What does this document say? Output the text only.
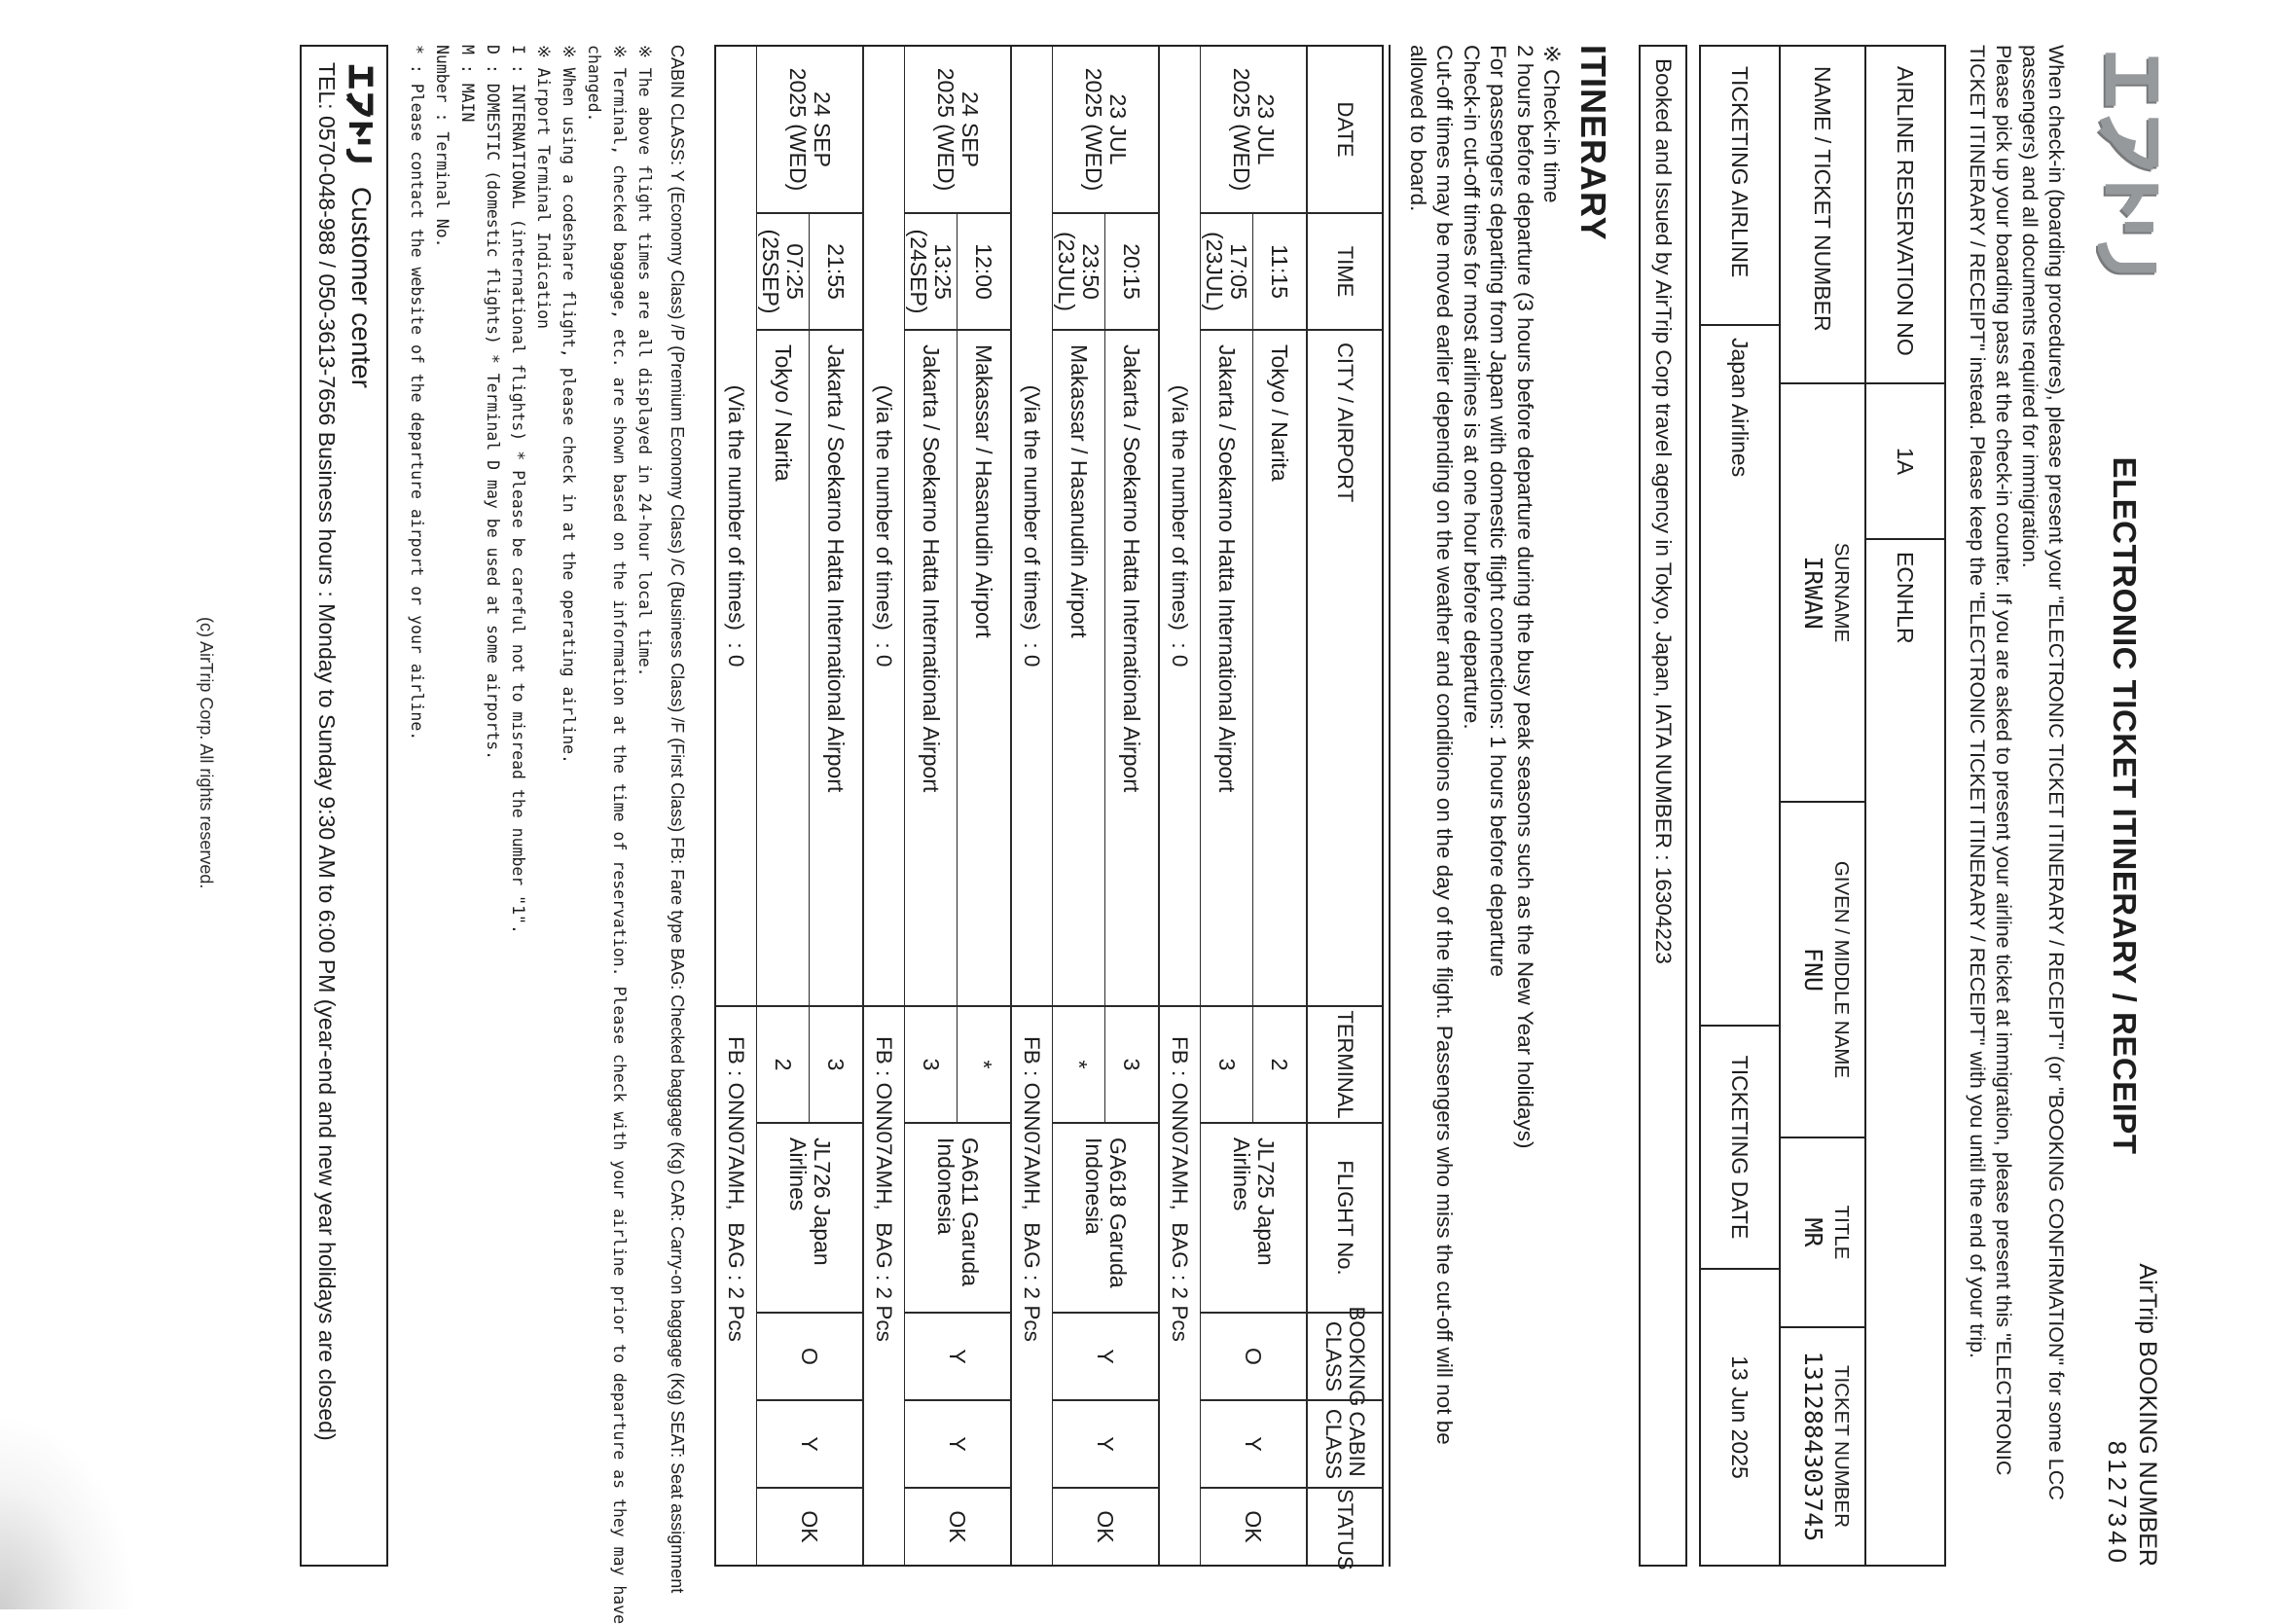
ELECTRONIC TICKET ITINERARY / RECEIPT
AirTrip BOOKING NUMBER
8127340
When check-in (boarding procedures), please present your "ELECTRONIC TICKET ITINERARY / RECEIPT" (or "BOOKING CONFIRMATION" for some LCC
passengers) and all documents required for immigration.
Please pick up your boarding pass at the check-in counter. If you are asked to present your airline ticket at immigration, please present this "ELECTRONIC
TICKET ITINERARY / RECEIPT" instead. Please keep the "ELECTRONIC TICKET ITINERARY / RECEIPT" with you until the end of your trip.
AIRLINE RESERVATION NO
1A
ECNHLR
NAME / TICKET NUMBER
SURNAME
GIVEN / MIDDLE NAME
TITLE
TICKET NUMBER
IRWAN
FNU
MR
1312884303745
TICKETING AIRLINE
Japan Airlines
TICKETING DATE
13 Jun 2025
Booked and Issued by AirTrip Corp travel agency in Tokyo, Japan, IATA NUMBER : 16304223
ITINERARY
※ Check-in time
2 hours before departure (3 hours before departure during the busy peak seasons such as the New Year holidays)
For passengers departing from Japan with domestic flight connections: 1 hours before departure
Check-in cut-off times for most airlines is at one hour before departure.
Cut-off times may be moved earlier depending on the weather and conditions on the day of the flight. Passengers who miss the cut-off will not be
allowed to board.
DATE
TIME
CITY / AIRPORT
TERMINAL
FLIGHT No.
BOOKING CLASS
CABIN CLASS
STATUS
23 JUL
2025 (WED)
11:15
Tokyo / Narita
2
17:05
(23JUL)
Jakarta / Soekarno Hatta International Airport
3
JL725 Japan Airlines
O
Y
OK
(Via the number of times)  : 0
FB : ONN07AMH,  BAG : 2 Pcs
23 JUL
2025 (WED)
20:15
Jakarta / Soekarno Hatta International Airport
3
23:50
(23JUL)
Makassar / Hasanudin Airport
*
GA618 Garuda Indonesia
Y
Y
OK
(Via the number of times)  : 0
FB : ONN07AMH,  BAG : 2 Pcs
24 SEP
2025 (WED)
12:00
Makassar / Hasanudin Airport
*
13:25
(24SEP)
Jakarta / Soekarno Hatta International Airport
3
GA611 Garuda Indonesia
Y
Y
OK
(Via the number of times)  : 0
FB : ONN07AMH,  BAG : 2 Pcs
24 SEP
2025 (WED)
21:55
Jakarta / Soekarno Hatta International Airport
3
07:25
(25SEP)
Tokyo / Narita
2
JL726 Japan Airlines
O
Y
OK
(Via the number of times)  : 0
FB : ONN07AMH,  BAG : 2 Pcs
CABIN CLASS: Y (Economy Class) /P (Premium Economy Class) /C (Business Class) /F (First Class) FB: Fare type BAG: Checked baggage (Kg) CAR: Carry-on baggage (Kg) SEAT: Seat assignment
※ The above flight times are all displayed in 24-hour local time.
※ Terminal, checked baggage, etc. are shown based on the information at the time of reservation. Please check with your airline prior to departure as they may have
changed.
※ When using a codeshare flight, please check in at the operating airline.
※ Airport Terminal Indication
I : INTERNATIONAL (international flights) * Please be careful not to misread the number "1".
D : DOMESTIC (domestic flights) * Terminal D may be used at some airports.
M : MAIN
Number : Terminal No.
* : Please contact the website of the departure airport or your airline.
Customer center
TEL: 0570-048-988 / 050-3613-7656 Business hours : Monday to Sunday 9:30 AM to 6:00 PM (year-end and new year holidays are closed)
(c) AirTrip Corp. All rights reserved.
